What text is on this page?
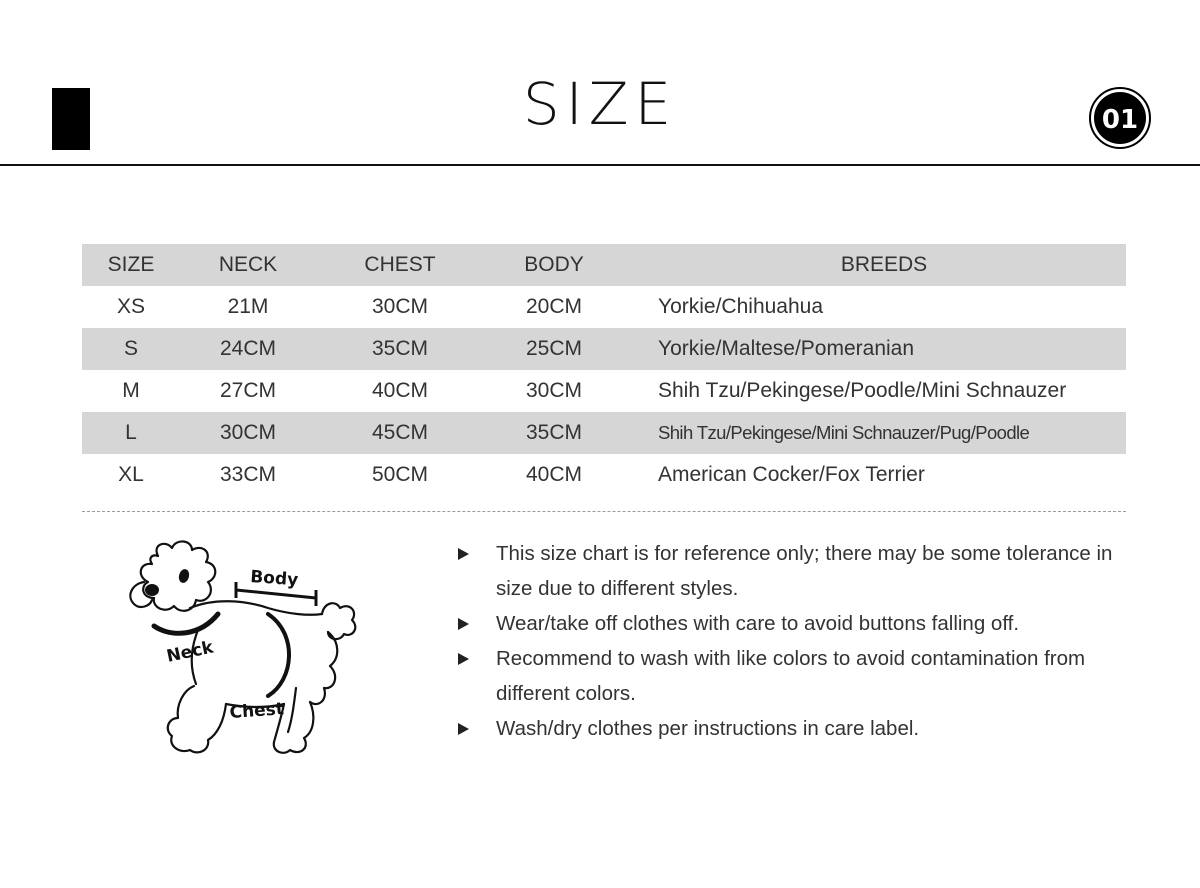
SIZE	01
SIZE	NECK	CHEST	BODY	BREEDS
XS	21M	30CM	20CM	Yorkie/Chihuahua
S	24CM	35CM	25CM	Yorkie/Maltese/Pomeranian
M	27CM	40CM	30CM	Shih Tzu/Pekingese/Poodle/Mini Schnauzer
L	30CM	45CM	35CM	Shih Tzu/Pekingese/Mini Schnauzer/Pug/Poodle
XL	33CM	50CM	40CM	American Cocker/Fox Terrier
Body
Neck
Chest
This size chart is for reference only; there may be some tolerance in size due to different styles.
Wear/take off clothes with care to avoid buttons falling off.
Recommend to wash with like colors to avoid contamination from different colors.
Wash/dry clothes per instructions in care label.
